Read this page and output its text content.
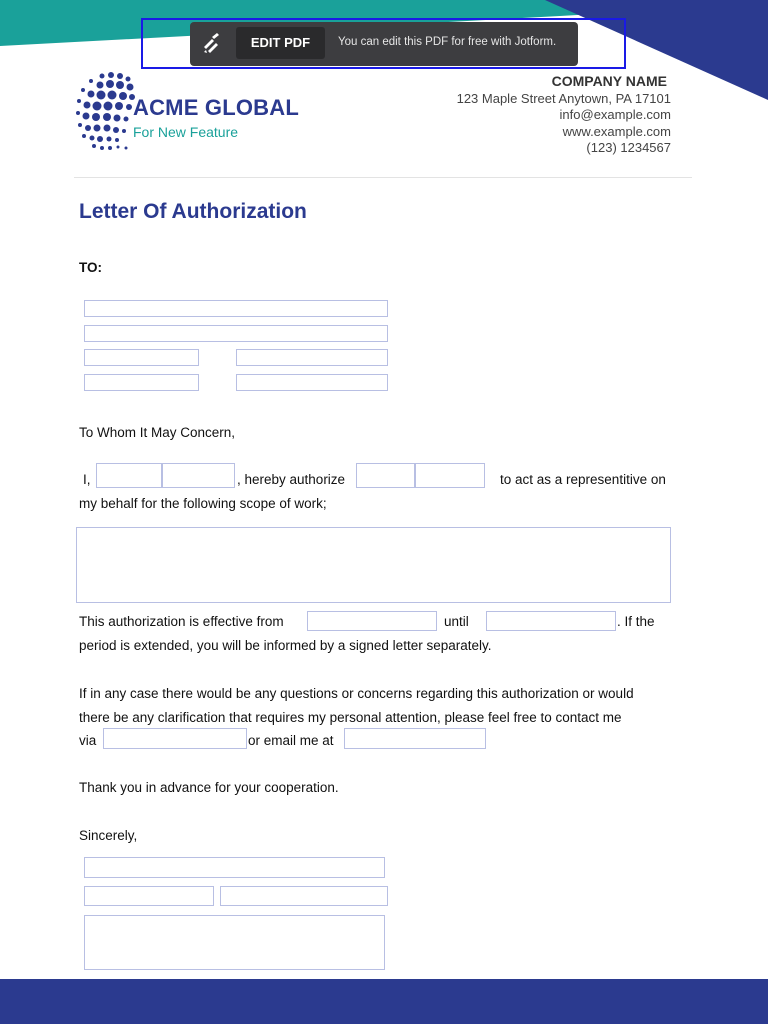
EDIT PDF	You can edit this PDF for free with Jotform.
ACME GLOBAL
For New Feature
COMPANY NAME
123 Maple Street Anytown, PA 17101
info@example.com
www.example.com
(123) 1234567
Letter Of Authorization
TO:
To Whom It May Concern,
I,	, hereby authorize	to act as a representitive on
my behalf for the following scope of work;
This authorization is effective from	until	. If the
period is extended, you will be informed by a signed letter separately.
If in any case there would be any questions or concerns regarding this authorization or would
there be any clarification that requires my personal attention, please feel free to contact me
via	or email me at
Thank you in advance for your cooperation.
Sincerely,
